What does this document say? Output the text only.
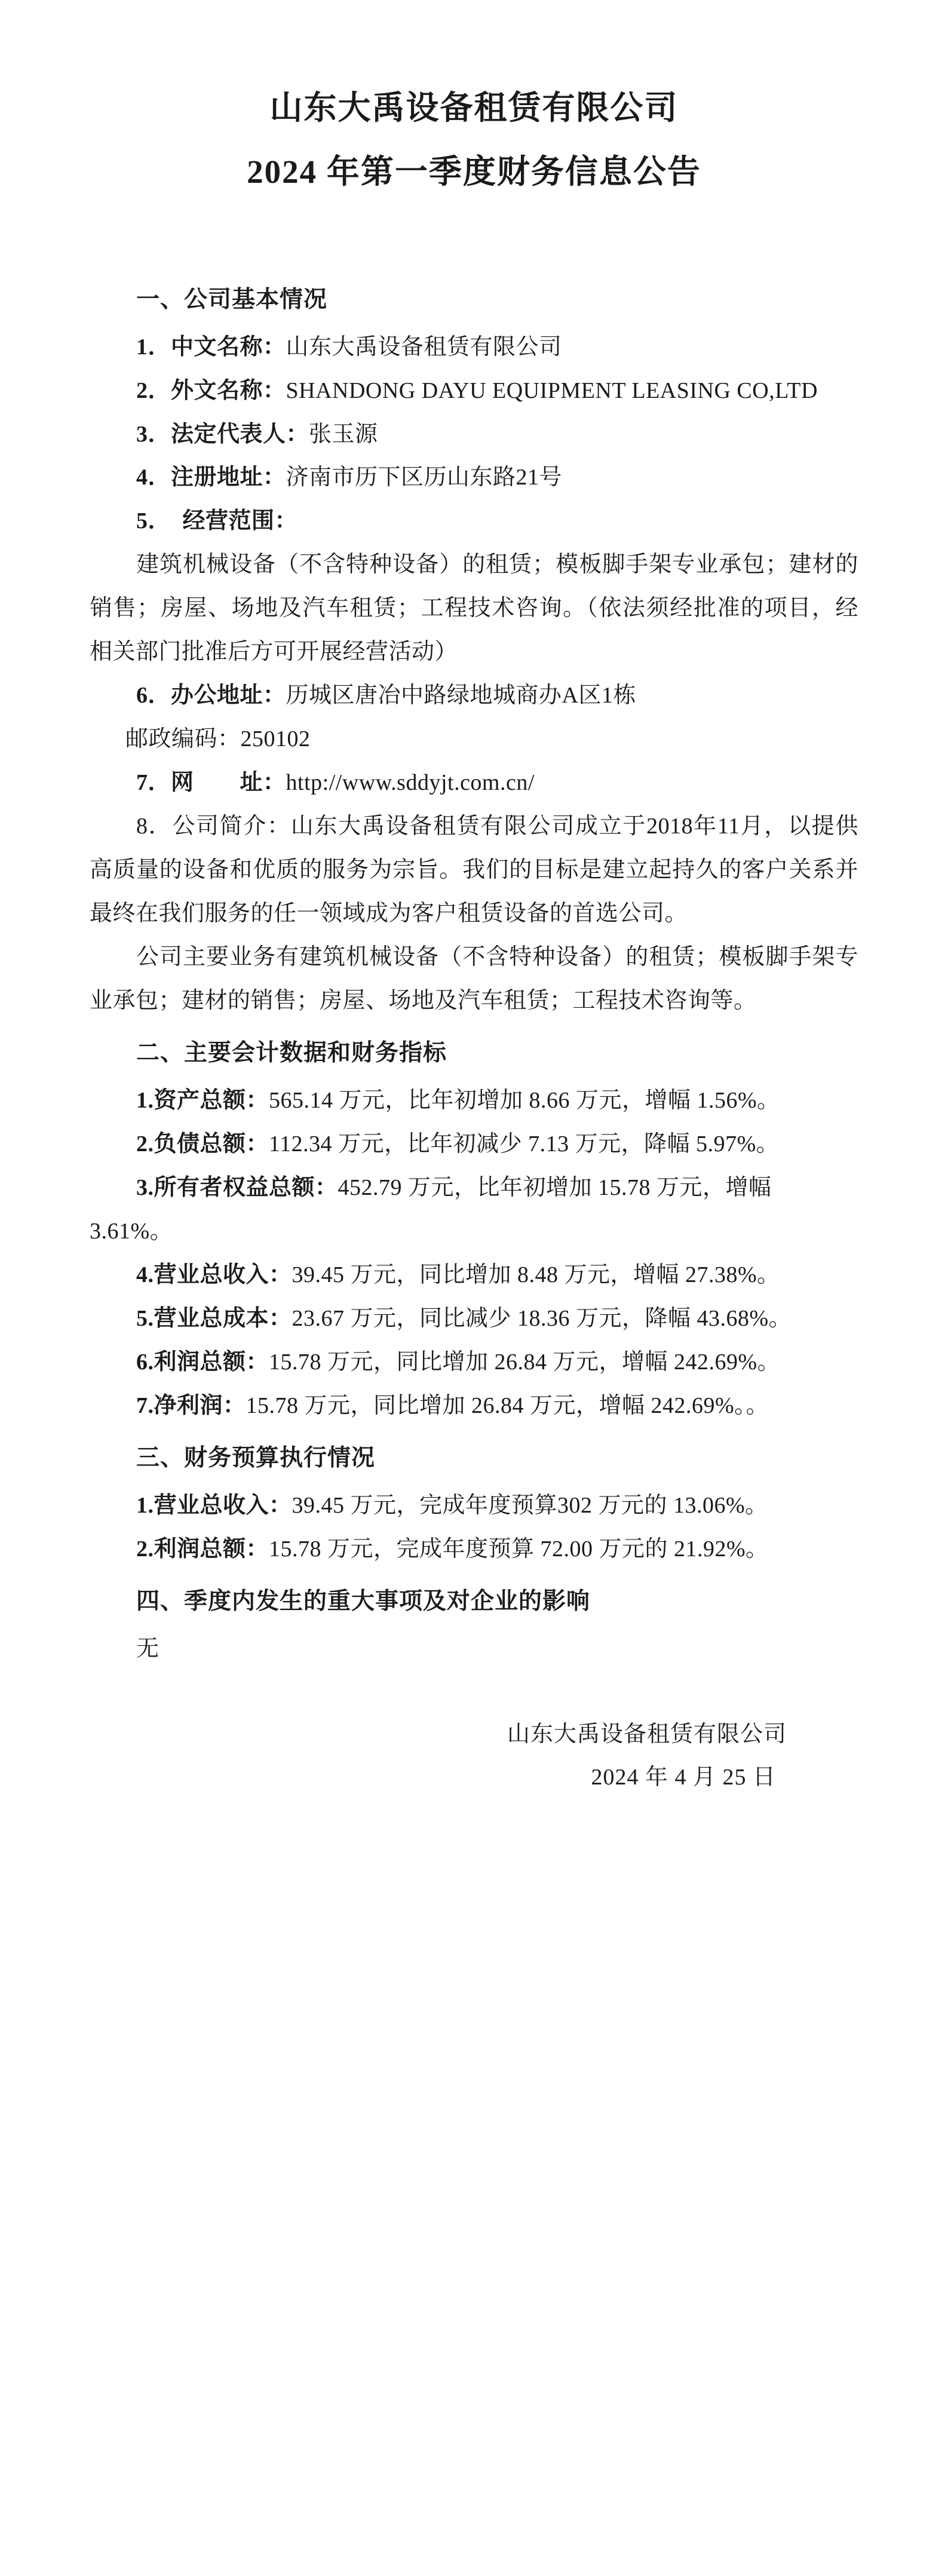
山东大禹设备租赁有限公司
2024 年第一季度财务信息公告
一、公司基本情况

1．中文名称：山东大禹设备租赁有限公司

2．外文名称：SHANDONG DAYU EQUIPMENT LEASING CO,LTD

3．法定代表人：张玉源

4．注册地址：济南市历下区历山东路21号

5．　经营范围：

建筑机械设备（不含特种设备）的租赁；模板脚手架专业承包；建材的销售；房屋、场地及汽车租赁；工程技术咨询。（依法须经批准的项目，经相关部门批准后方可开展经营活动）

6．办公地址：历城区唐冶中路绿地城商办A区1栋

邮政编码：250102

7．网　　址：http://www.sddyjt.com.cn/

8．公司简介：山东大禹设备租赁有限公司成立于2018年11月，以提供高质量的设备和优质的服务为宗旨。我们的目标是建立起持久的客户关系并最终在我们服务的任一领域成为客户租赁设备的首选公司。

公司主要业务有建筑机械设备（不含特种设备）的租赁；模板脚手架专业承包；建材的销售；房屋、场地及汽车租赁；工程技术咨询等。

二、主要会计数据和财务指标

1.资产总额：565.14 万元，比年初增加 8.66 万元，增幅 1.56%。

2.负债总额：112.34 万元，比年初减少 7.13 万元，降幅 5.97%。

3.所有者权益总额：452.79 万元，比年初增加 15.78 万元，增幅 3.61%。

4.营业总收入：39.45 万元，同比增加 8.48 万元，增幅 27.38%。

5.营业总成本：23.67 万元，同比减少 18.36 万元，降幅 43.68%。

6.利润总额：15.78 万元，同比增加 26.84 万元，增幅 242.69%。

7.净利润：15.78 万元，同比增加 26.84 万元，增幅 242.69%。。

三、财务预算执行情况

1.营业总收入：39.45 万元，完成年度预算302 万元的 13.06%。

2.利润总额：15.78 万元，完成年度预算 72.00 万元的 21.92%。

四、季度内发生的重大事项及对企业的影响

无

山东大禹设备租赁有限公司
2024 年 4 月 25 日
